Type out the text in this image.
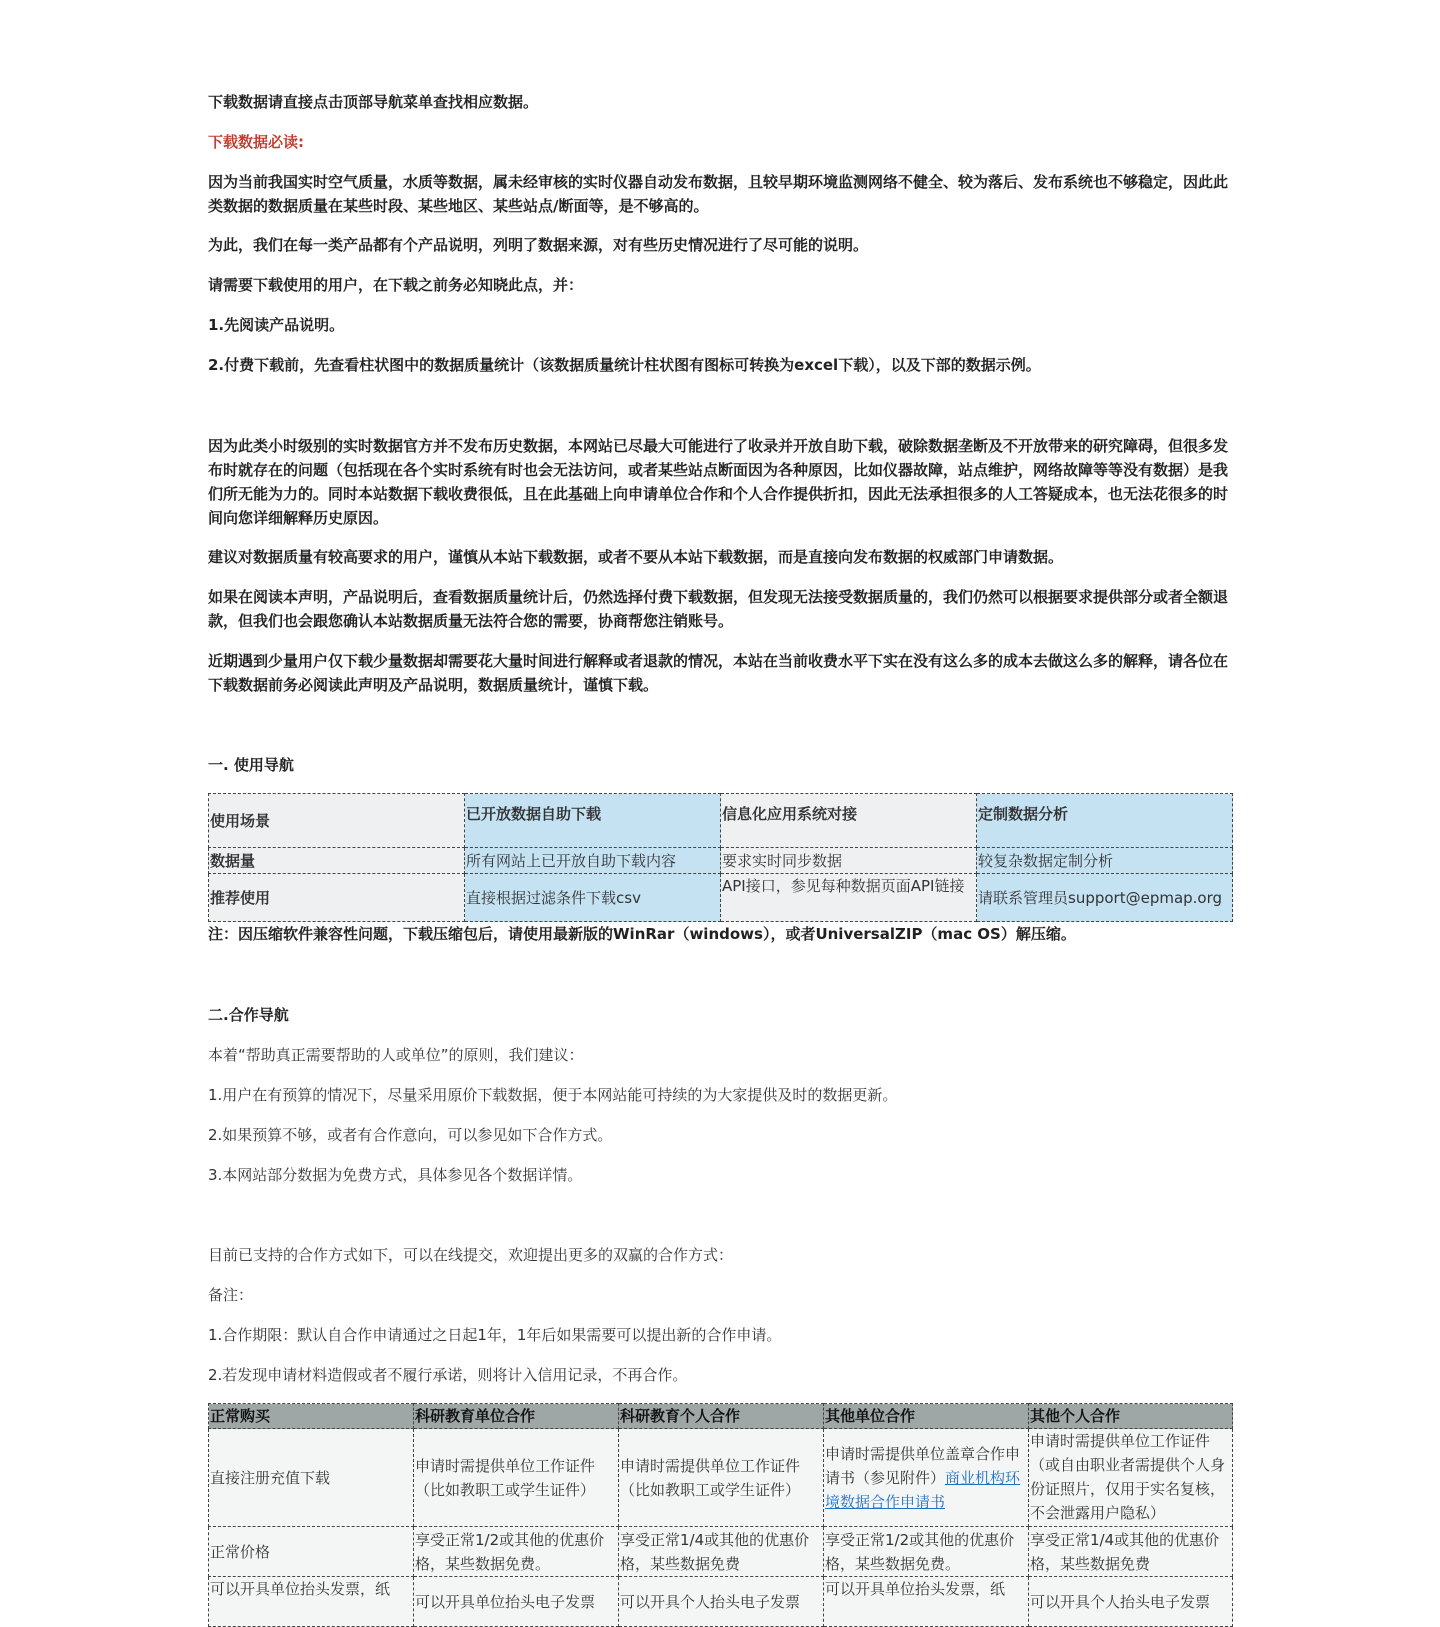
下载数据请直接点击顶部导航菜单查找相应数据。

下载数据必读:

因为当前我国实时空气质量，水质等数据，属未经审核的实时仪器自动发布数据，且较早期环境监测网络不健全、较为落后、发布系统也不够稳定，因此此类数据的数据质量在某些时段、某些地区、某些站点/断面等，是不够高的。

为此，我们在每一类产品都有个产品说明，列明了数据来源，对有些历史情况进行了尽可能的说明。

请需要下载使用的用户，在下载之前务必知晓此点，并：

1.先阅读产品说明。

2.付费下载前，先查看柱状图中的数据质量统计（该数据质量统计柱状图有图标可转换为excel下载），以及下部的数据示例。

因为此类小时级别的实时数据官方并不发布历史数据，本网站已尽最大可能进行了收录并开放自助下载，破除数据垄断及不开放带来的研究障碍，但很多发布时就存在的问题（包括现在各个实时系统有时也会无法访问，或者某些站点断面因为各种原因，比如仪器故障，站点维护，网络故障等等没有数据）是我们所无能为力的。同时本站数据下载收费很低，且在此基础上向申请单位合作和个人合作提供折扣，因此无法承担很多的人工答疑成本，也无法花很多的时间向您详细解释历史原因。

建议对数据质量有较高要求的用户，谨慎从本站下载数据，或者不要从本站下载数据，而是直接向发布数据的权威部门申请数据。

如果在阅读本声明，产品说明后，查看数据质量统计后，仍然选择付费下载数据，但发现无法接受数据质量的，我们仍然可以根据要求提供部分或者全额退款，但我们也会跟您确认本站数据质量无法符合您的需要，协商帮您注销账号。

近期遇到少量用户仅下载少量数据却需要花大量时间进行解释或者退款的情况，本站在当前收费水平下实在没有这么多的成本去做这么多的解释，请各位在下载数据前务必阅读此声明及产品说明，数据质量统计，谨慎下载。

一. 使用导航

使用场景	已开放数据自助下载	信息化应用系统对接	定制数据分析
数据量	所有网站上已开放自助下载内容	要求实时同步数据	较复杂数据定制分析
推荐使用	直接根据过滤条件下载csv	API接口，参见每种数据页面API链接	请联系管理员support@epmap.org

注：因压缩软件兼容性问题，下载压缩包后，请使用最新版的WinRar（windows），或者UniversalZIP（mac OS）解压缩。

二.合作导航

本着“帮助真正需要帮助的人或单位”的原则，我们建议：

1.用户在有预算的情况下，尽量采用原价下载数据，便于本网站能可持续的为大家提供及时的数据更新。

2.如果预算不够，或者有合作意向，可以参见如下合作方式。

3.本网站部分数据为免费方式，具体参见各个数据详情。

目前已支持的合作方式如下，可以在线提交，欢迎提出更多的双赢的合作方式：

备注：

1.合作期限：默认自合作申请通过之日起1年，1年后如果需要可以提出新的合作申请。

2.若发现申请材料造假或者不履行承诺，则将计入信用记录，不再合作。

正常购买	科研教育单位合作	科研教育个人合作	其他单位合作	其他个人合作
直接注册充值下载	申请时需提供单位工作证件（比如教职工或学生证件）	申请时需提供单位工作证件（比如教职工或学生证件）	申请时需提供单位盖章合作申请书（参见附件）商业机构环境数据合作申请书	申请时需提供单位工作证件（或自由职业者需提供个人身份证照片，仅用于实名复核，不会泄露用户隐私）
正常价格	享受正常1/2或其他的优惠价格，某些数据免费。	享受正常1/4或其他的优惠价格，某些数据免费	享受正常1/2或其他的优惠价格，某些数据免费。	享受正常1/4或其他的优惠价格，某些数据免费
可以开具单位抬头发票，纸	可以开具单位抬头电子发票	可以开具个人抬头电子发票	可以开具单位抬头发票，纸	可以开具个人抬头电子发票
